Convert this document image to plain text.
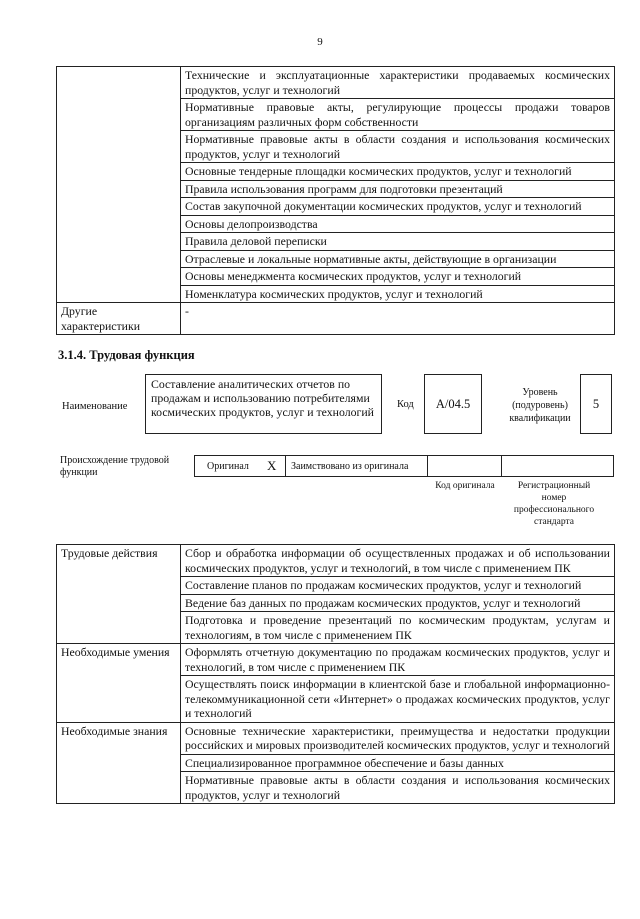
9
	Технические и эксплуатационные характеристики продаваемых космических продуктов, услуг и технологий
	Нормативные правовые акты, регулирующие процессы продажи товаров организациям различных форм собственности
	Нормативные правовые акты в области создания и использования космических продуктов, услуг и технологий
	Основные тендерные площадки космических продуктов, услуг и технологий
	Правила использования программ для подготовки презентаций
	Состав закупочной документации космических продуктов, услуг и технологий
	Основы делопроизводства
	Правила деловой переписки
	Отраслевые и локальные нормативные акты, действующие в организации
	Основы менеджмента космических продуктов, услуг и технологий
	Номенклатура космических продуктов, услуг и технологий
Другие характеристики	-
3.1.4. Трудовая функция
Наименование
Составление аналитических отчетов по продажам и использованию потребителями космических продуктов, услуг и технологий
Код	A/04.5
Уровень (подуровень) квалификации
5
Происхождение трудовой функции
Оригинал X Заимствовано из оригинала
Код оригинала	Регистрационный номер профессионального стандарта
Трудовые действия	Сбор и обработка информации об осуществленных продажах и об использовании космических продуктов, услуг и технологий, в том числе с применением ПК
	Составление планов по продажам космических продуктов, услуг и технологий
	Ведение баз данных по продажам космических продуктов, услуг и технологий
	Подготовка и проведение презентаций по космическим продуктам, услугам и технологиям, в том числе с применением ПК
Необходимые умения	Оформлять отчетную документацию по продажам космических продуктов, услуг и технологий, в том числе с применением ПК
	Осуществлять поиск информации в клиентской базе и глобальной информационно-телекоммуникационной сети «Интернет» о продажах космических продуктов, услуг и технологий
Необходимые знания	Основные технические характеристики, преимущества и недостатки продукции российских и мировых производителей космических продуктов, услуг и технологий
	Специализированное программное обеспечение и базы данных
	Нормативные правовые акты в области создания и использования космических продуктов, услуг и технологий
